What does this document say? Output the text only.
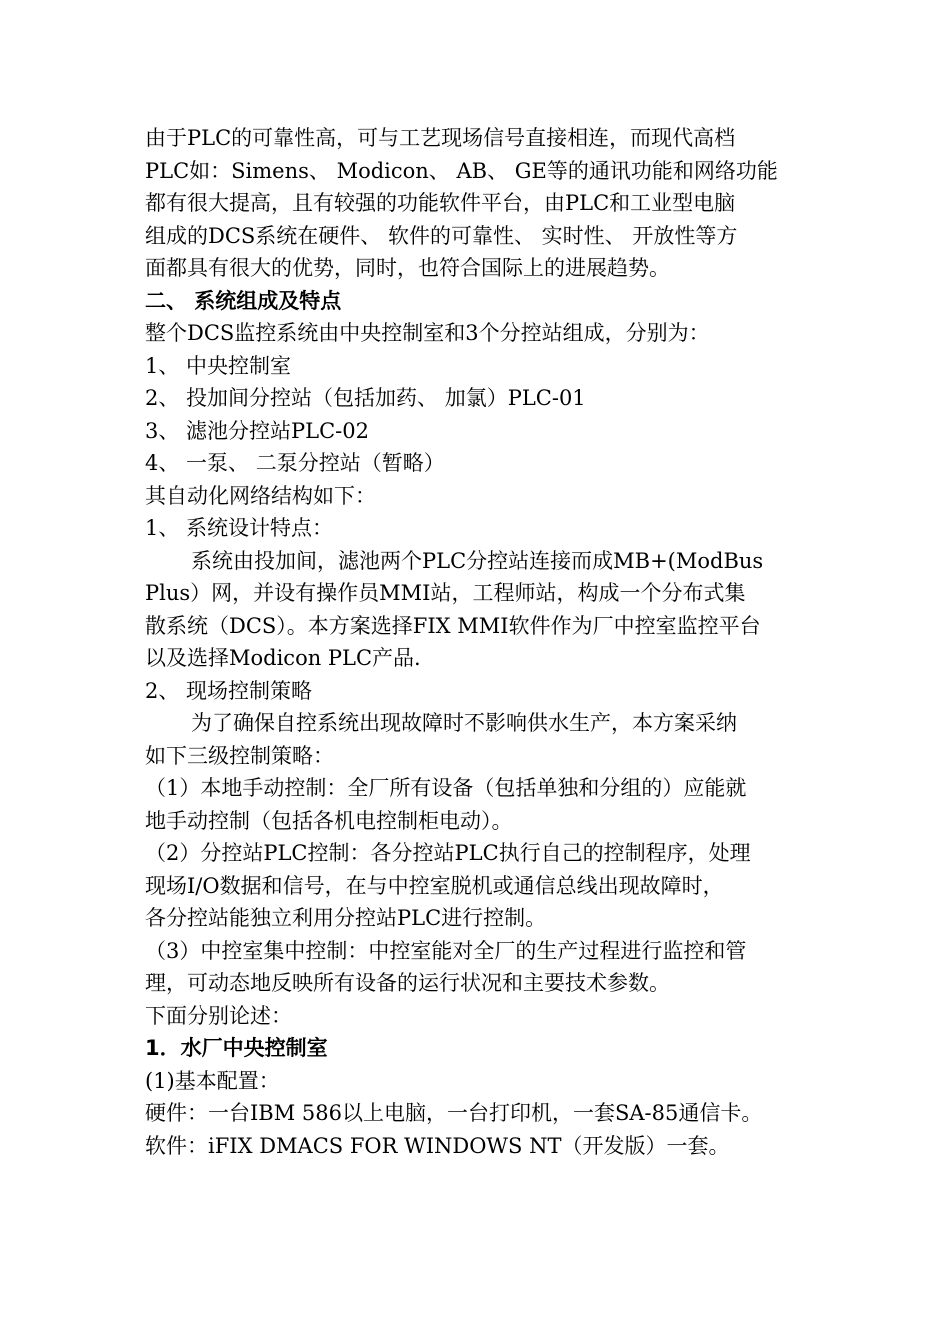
由于PLC的可靠性高，可与工艺现场信号直接相连，而现代高档

PLC如：Simens、 Modicon、 AB、 GE等的通讯功能和网络功能

都有很大提高，且有较强的功能软件平台，由PLC和工业型电脑

组成的DCS系统在硬件、 软件的可靠性、 实时性、 开放性等方

面都具有很大的优势，同时，也符合国际上的进展趋势。

二、 系统组成及特点

整个DCS监控系统由中央控制室和3个分控站组成，分别为：

1、 中央控制室

2、 投加间分控站（包括加药、 加氯）PLC-01

3、 滤池分控站PLC-02

4、 一泵、 二泵分控站（暂略）

其自动化网络结构如下：

1、 系统设计特点：

系统由投加间，滤池两个PLC分控站连接而成MB+(ModBus

Plus）网，并设有操作员MMI站，工程师站，构成一个分布式集

散系统（DCS）。本方案选择FIX MMI软件作为厂中控室监控平台

以及选择Modicon PLC产品.

2、 现场控制策略

为了确保自控系统出现故障时不影响供水生产，本方案采纳

如下三级控制策略：

（1）本地手动控制：全厂所有设备（包括单独和分组的）应能就

地手动控制（包括各机电控制柜电动）。

（2）分控站PLC控制：各分控站PLC执行自己的控制程序，处理

现场I/O数据和信号，在与中控室脱机或通信总线出现故障时，

各分控站能独立利用分控站PLC进行控制。

（3）中控室集中控制：中控室能对全厂的生产过程进行监控和管

理，可动态地反映所有设备的运行状况和主要技术参数。

下面分别论述：

1．水厂中央控制室

(1)基本配置：

硬件：一台IBM 586以上电脑，一台打印机，一套SA-85通信卡。

软件：iFIX DMACS FOR WINDOWS NT（开发版）一套。
